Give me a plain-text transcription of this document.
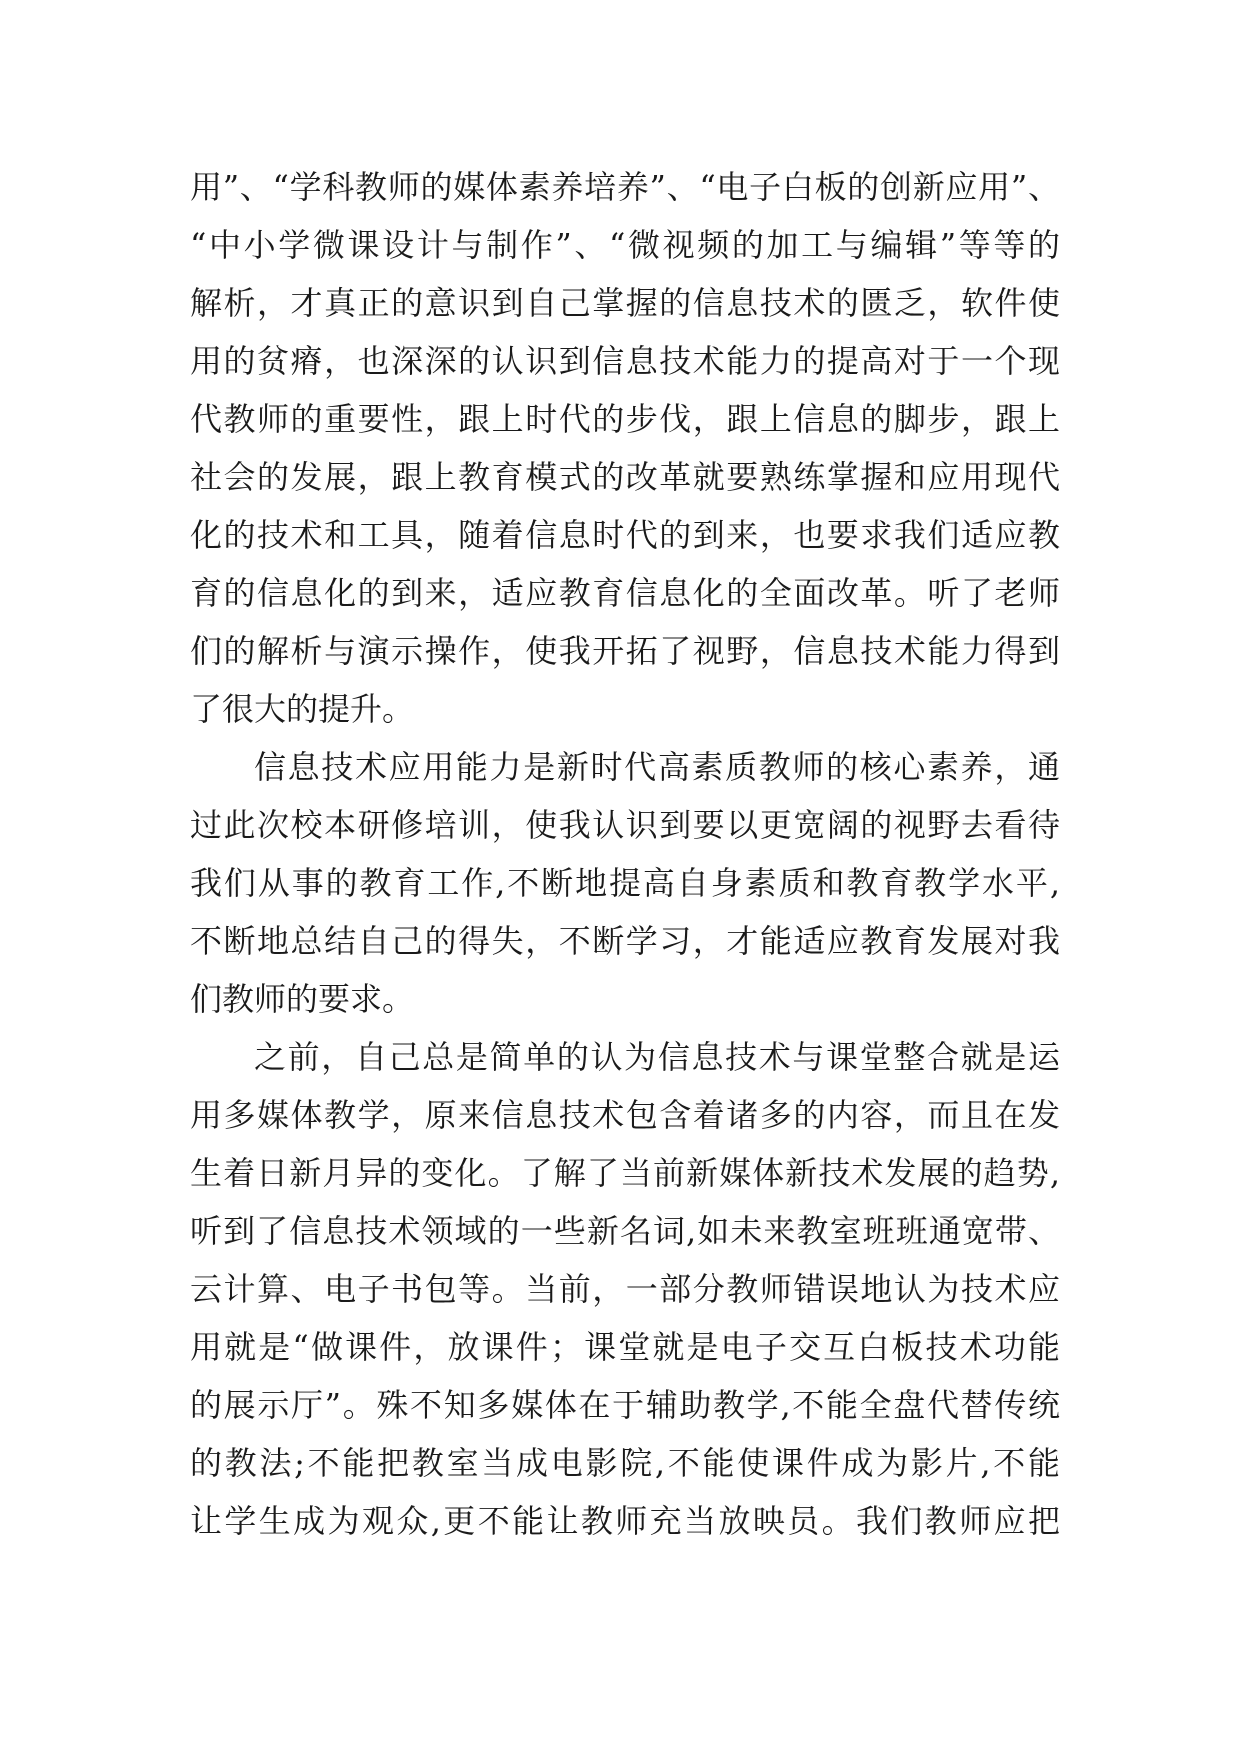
用”、“学科教师的媒体素养培养”、“电子白板的创新应用”、
“中小学微课设计与制作”、“微视频的加工与编辑”等等的
解析，才真正的意识到自己掌握的信息技术的匮乏，软件使
用的贫瘠，也深深的认识到信息技术能力的提高对于一个现
代教师的重要性，跟上时代的步伐，跟上信息的脚步，跟上
社会的发展，跟上教育模式的改革就要熟练掌握和应用现代
化的技术和工具，随着信息时代的到来，也要求我们适应教
育的信息化的到来，适应教育信息化的全面改革。听了老师
们的解析与演示操作，使我开拓了视野，信息技术能力得到
了很大的提升。
信息技术应用能力是新时代高素质教师的核心素养，通
过此次校本研修培训，使我认识到要以更宽阔的视野去看待
我们从事的教育工作,不断地提高自身素质和教育教学水平,
不断地总结自己的得失，不断学习，才能适应教育发展对我
们教师的要求。
之前，自己总是简单的认为信息技术与课堂整合就是运
用多媒体教学，原来信息技术包含着诸多的内容，而且在发
生着日新月异的变化。了解了当前新媒体新技术发展的趋势,
听到了信息技术领域的一些新名词,如未来教室班班通宽带、
云计算、电子书包等。当前，一部分教师错误地认为技术应
用就是“做课件，放课件；课堂就是电子交互白板技术功能
的展示厅”。殊不知多媒体在于辅助教学,不能全盘代替传统
的教法;不能把教室当成电影院,不能使课件成为影片,不能
让学生成为观众,更不能让教师充当放映员。我们教师应把
